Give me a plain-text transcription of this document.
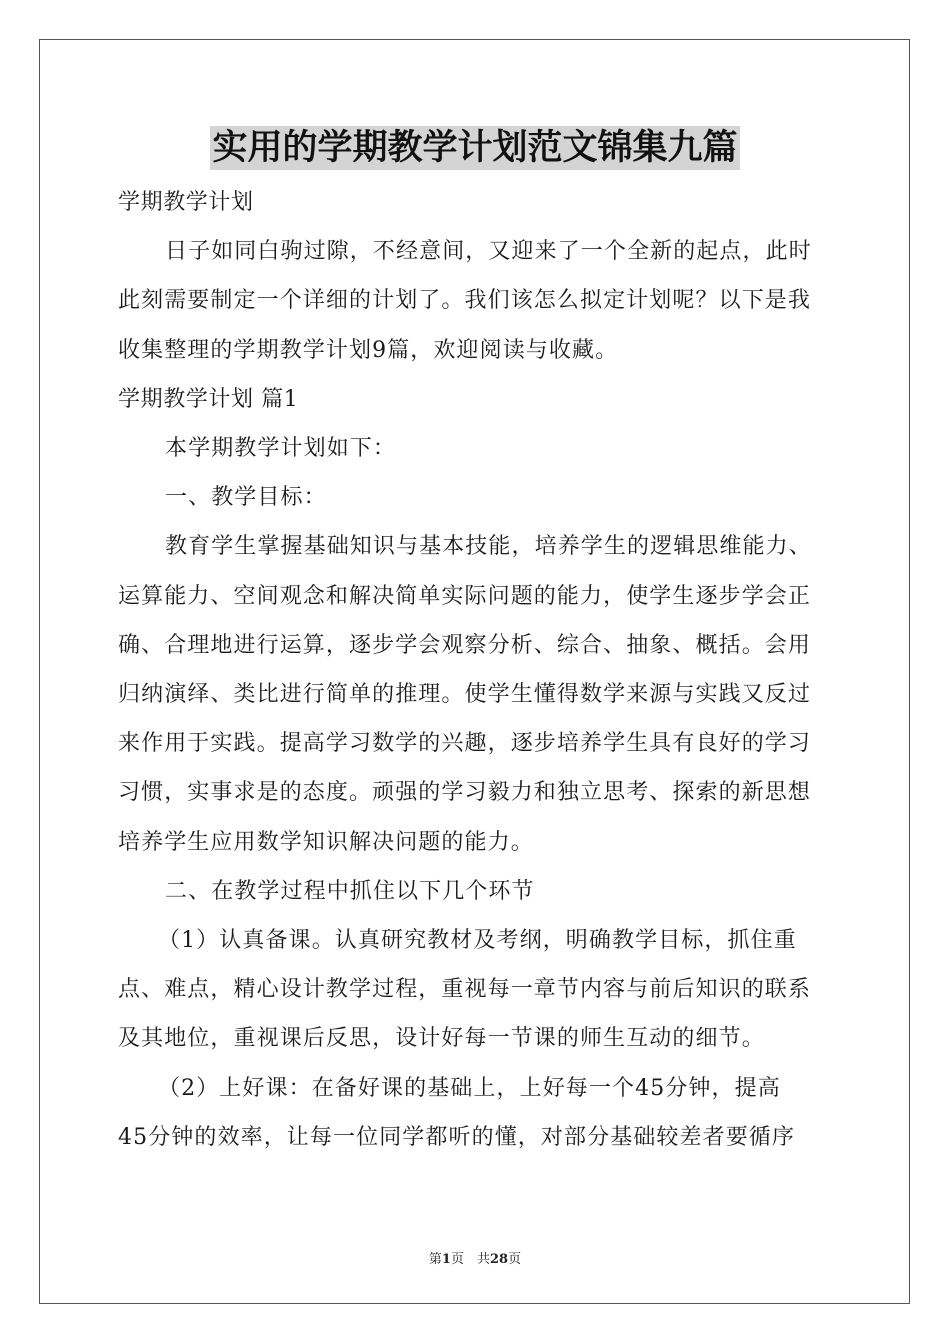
实用的学期教学计划范文锦集九篇
学期教学计划
日子如同白驹过隙，不经意间，又迎来了一个全新的起点，此时
此刻需要制定一个详细的计划了。我们该怎么拟定计划呢？以下是我
收集整理的学期教学计划9篇，欢迎阅读与收藏。
学期教学计划 篇1
本学期教学计划如下：
一、教学目标：
教育学生掌握基础知识与基本技能，培养学生的逻辑思维能力、
运算能力、空间观念和解决简单实际问题的能力，使学生逐步学会正
确、合理地进行运算，逐步学会观察分析、综合、抽象、概括。会用
归纳演绎、类比进行简单的推理。使学生懂得数学来源与实践又反过
来作用于实践。提高学习数学的兴趣，逐步培养学生具有良好的学习
习惯，实事求是的态度。顽强的学习毅力和独立思考、探索的新思想
培养学生应用数学知识解决问题的能力。
二、在教学过程中抓住以下几个环节
（1）认真备课。认真研究教材及考纲，明确教学目标，抓住重
点、难点，精心设计教学过程，重视每一章节内容与前后知识的联系
及其地位，重视课后反思，设计好每一节课的师生互动的细节。
（2）上好课：在备好课的基础上，上好每一个45分钟，提高
45分钟的效率，让每一位同学都听的懂，对部分基础较差者要循序
第1页　共28页
